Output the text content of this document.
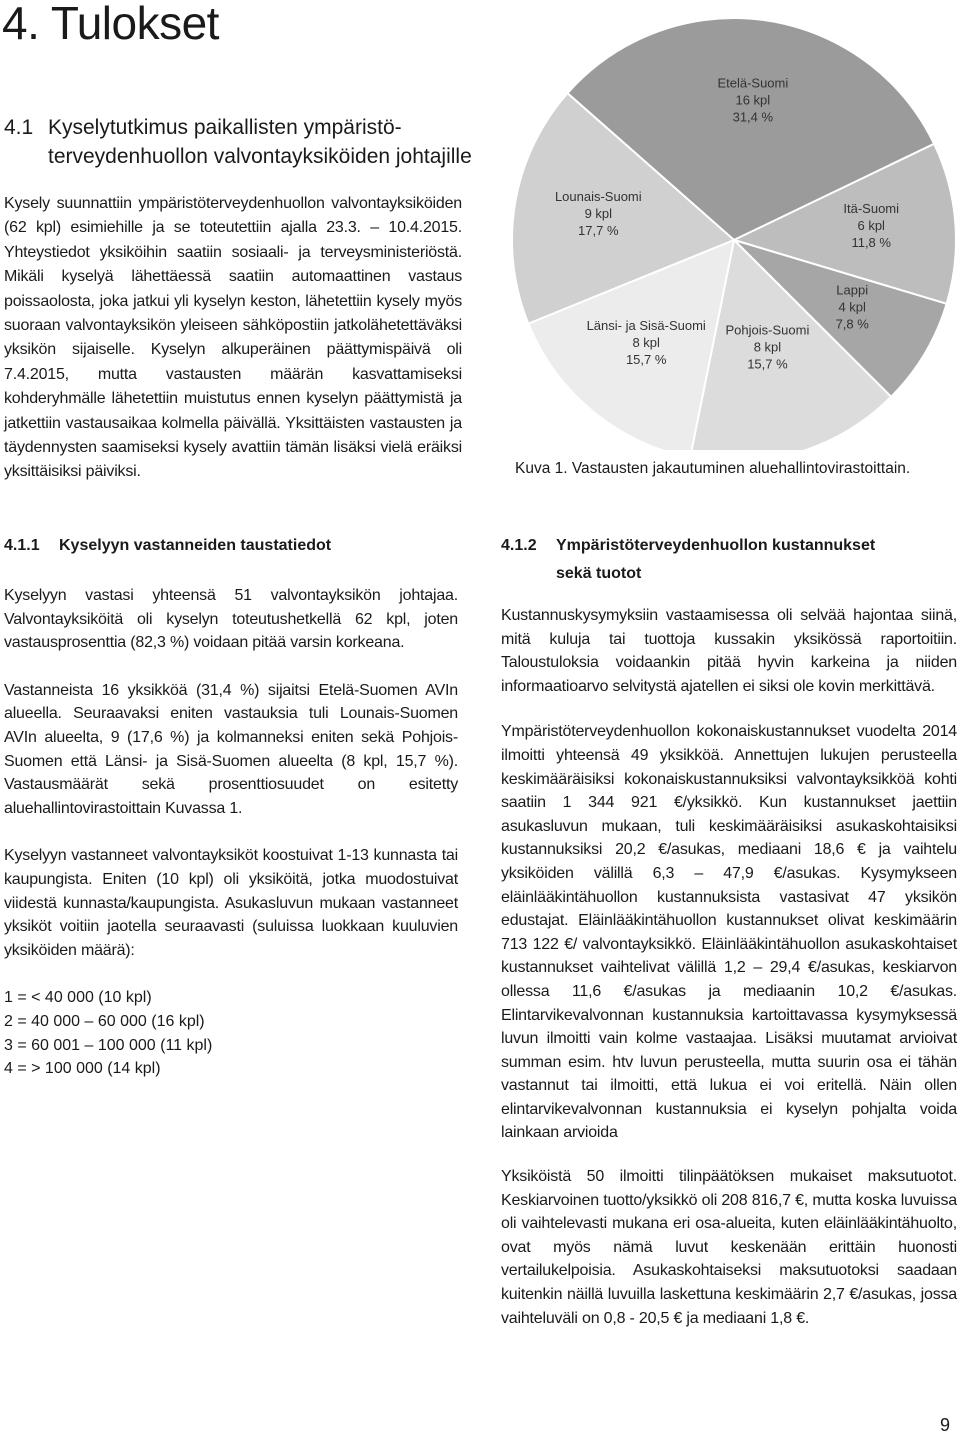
4. Tulokset
4.1 Kyselytutkimus paikallisten ympäristö-
terveydenhuollon valvontayksiköiden johtajille

Kysely suunnattiin ympäristöterveydenhuollon valvontayksiköiden (62 kpl) esimiehille ja se toteutettiin ajalla 23.3. – 10.4.2015. Yhteystiedot yksiköihin saatiin sosiaali- ja terveysministeriöstä. Mikäli kyselyä lähettäessä saatiin automaattinen vastaus poissaolosta, joka jatkui yli kyselyn keston, lähetettiin kysely myös suoraan valvontayksikön yleiseen sähköpostiin jatkolähetettäväksi yksikön sijaiselle. Kyselyn alkuperäinen päättymispäivä oli 7.4.2015, mutta vastausten määrän kasvattamiseksi kohderyhmälle lähetettiin muistutus ennen kyselyn päättymistä ja jatkettiin vastausaikaa kolmella päivällä. Yksittäisten vastausten ja täydennysten saamiseksi kysely avattiin tämän lisäksi vielä eräiksi yksittäisiksi päiviksi.

Etelä-Suomi 16 kpl 31,4 %
Itä-Suomi 6 kpl 11,8 %
Lappi 4 kpl 7,8 %
Pohjois-Suomi 8 kpl 15,7 %
Länsi- ja Sisä-Suomi 8 kpl 15,7 %
Lounais-Suomi 9 kpl 17,7 %

Kuva 1. Vastausten jakautuminen aluehallintovirastoittain.

4.1.1 Kyselyyn vastanneiden taustatiedot

Kyselyyn vastasi yhteensä 51 valvontayksikön johtajaa. Valvontayksiköitä oli kyselyn toteutushetkellä 62 kpl, joten vastausprosenttia (82,3 %) voidaan pitää varsin korkeana.

Vastanneista 16 yksikköä (31,4 %) sijaitsi Etelä-Suomen AVIn alueella. Seuraavaksi eniten vastauksia tuli Lounais-Suomen AVIn alueelta, 9 (17,6 %) ja kolmanneksi eniten sekä Pohjois-Suomen että Länsi- ja Sisä-Suomen alueelta (8 kpl, 15,7 %). Vastausmäärät sekä prosenttiosuudet on esitetty aluehallintovirastoittain Kuvassa 1.

Kyselyyn vastanneet valvontayksiköt koostuivat 1-13 kunnasta tai kaupungista. Eniten (10 kpl) oli yksiköitä, jotka muodostuivat viidestä kunnasta/kaupungista. Asukasluvun mukaan vastanneet yksiköt voitiin jaotella seuraavasti (suluissa luokkaan kuuluvien yksiköiden määrä):

1 = < 40 000 (10 kpl)
2 = 40 000 – 60 000 (16 kpl)
3 = 60 001 – 100 000 (11 kpl)
4 = > 100 000 (14 kpl)
4.1.2 Ympäristöterveydenhuollon kustannukset
sekä tuotot

Kustannuskysymyksiin vastaamisessa oli selvää hajontaa siinä, mitä kuluja tai tuottoja kussakin yksikössä raportoitiin. Taloustuloksia voidaankin pitää hyvin karkeina ja niiden informaatioarvo selvitystä ajatellen ei siksi ole kovin merkittävä.

Ympäristöterveydenhuollon kokonaiskustannukset vuodelta 2014 ilmoitti yhteensä 49 yksikköä. Annettujen lukujen perusteella keskimääräisiksi kokonaiskustannuksiksi valvontayksikköä kohti saatiin 1 344 921 €/yksikkö. Kun kustannukset jaettiin asukasluvun mukaan, tuli keskimääräisiksi asukaskohtaisiksi kustannuksiksi 20,2 €/asukas, mediaani 18,6 € ja vaihtelu yksiköiden välillä 6,3 – 47,9 €/asukas. Kysymykseen eläinlääkintähuollon kustannuksista vastasivat 47 yksikön edustajat. Eläinlääkintähuollon kustannukset olivat keskimäärin 713 122 €/ valvontayksikkö. Eläinlääkintähuollon asukaskohtaiset kustannukset vaihtelivat välillä 1,2 – 29,4 €/asukas, keskiarvon ollessa 11,6 €/asukas ja mediaanin 10,2 €/asukas. Elintarvikevalvonnan kustannuksia kartoittavassa kysymyksessä luvun ilmoitti vain kolme vastaajaa. Lisäksi muutamat arvioivat summan esim. htv luvun perusteella, mutta suurin osa ei tähän vastannut tai ilmoitti, että lukua ei voi eritellä. Näin ollen elintarvikevalvonnan kustannuksia ei kyselyn pohjalta voida lainkaan arvioida

Yksiköistä 50 ilmoitti tilinpäätöksen mukaiset maksutuotot. Keskiarvoinen tuotto/yksikkö oli 208 816,7 €, mutta koska luvuissa oli vaihtelevasti mukana eri osa-alueita, kuten eläinlääkintähuolto, ovat myös nämä luvut keskenään erittäin huonosti vertailukelpoisia. Asukaskohtaiseksi maksutuotoksi saadaan kuitenkin näillä luvuilla laskettuna keskimäärin 2,7 €/asukas, jossa vaihteluväli on 0,8 - 20,5 € ja mediaani 1,8 €.

9
